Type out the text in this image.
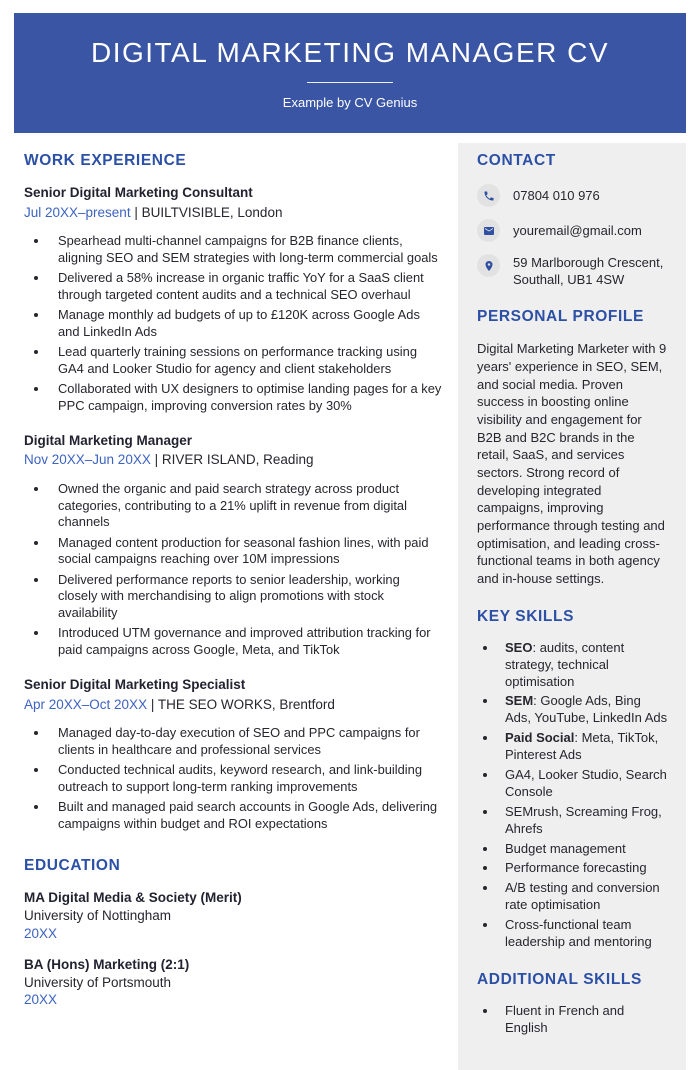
DIGITAL MARKETING MANAGER CV
Example by CV Genius
WORK EXPERIENCE
Senior Digital Marketing Consultant
Jul 20XX–present | BUILTVISIBLE, London
• Spearhead multi-channel campaigns for B2B finance clients, aligning SEO and SEM strategies with long-term commercial goals
• Delivered a 58% increase in organic traffic YoY for a SaaS client through targeted content audits and a technical SEO overhaul
• Manage monthly ad budgets of up to £120K across Google Ads and LinkedIn Ads
• Lead quarterly training sessions on performance tracking using GA4 and Looker Studio for agency and client stakeholders
• Collaborated with UX designers to optimise landing pages for a key PPC campaign, improving conversion rates by 30%
Digital Marketing Manager
Nov 20XX–Jun 20XX | RIVER ISLAND, Reading
• Owned the organic and paid search strategy across product categories, contributing to a 21% uplift in revenue from digital channels
• Managed content production for seasonal fashion lines, with paid social campaigns reaching over 10M impressions
• Delivered performance reports to senior leadership, working closely with merchandising to align promotions with stock availability
• Introduced UTM governance and improved attribution tracking for paid campaigns across Google, Meta, and TikTok
Senior Digital Marketing Specialist
Apr 20XX–Oct 20XX | THE SEO WORKS, Brentford
• Managed day-to-day execution of SEO and PPC campaigns for clients in healthcare and professional services
• Conducted technical audits, keyword research, and link-building outreach to support long-term ranking improvements
• Built and managed paid search accounts in Google Ads, delivering campaigns within budget and ROI expectations
EDUCATION
MA Digital Media & Society (Merit)
University of Nottingham
20XX
BA (Hons) Marketing (2:1)
University of Portsmouth
20XX
CONTACT
07804 010 976
youremail@gmail.com
59 Marlborough Crescent, Southall, UB1 4SW
PERSONAL PROFILE

Digital Marketing Marketer with 9 years' experience in SEO, SEM, and social media. Proven success in boosting online visibility and engagement for B2B and B2C brands in the retail, SaaS, and services sectors. Strong record of developing integrated campaigns, improving performance through testing and optimisation, and leading cross-functional teams in both agency and in-house settings.

KEY SKILLS
• SEO: audits, content strategy, technical optimisation
• SEM: Google Ads, Bing Ads, YouTube, LinkedIn Ads
• Paid Social: Meta, TikTok, Pinterest Ads
• GA4, Looker Studio, Search Console
• SEMrush, Screaming Frog, Ahrefs
• Budget management
• Performance forecasting
• A/B testing and conversion rate optimisation
• Cross-functional team leadership and mentoring
ADDITIONAL SKILLS
• Fluent in French and English
